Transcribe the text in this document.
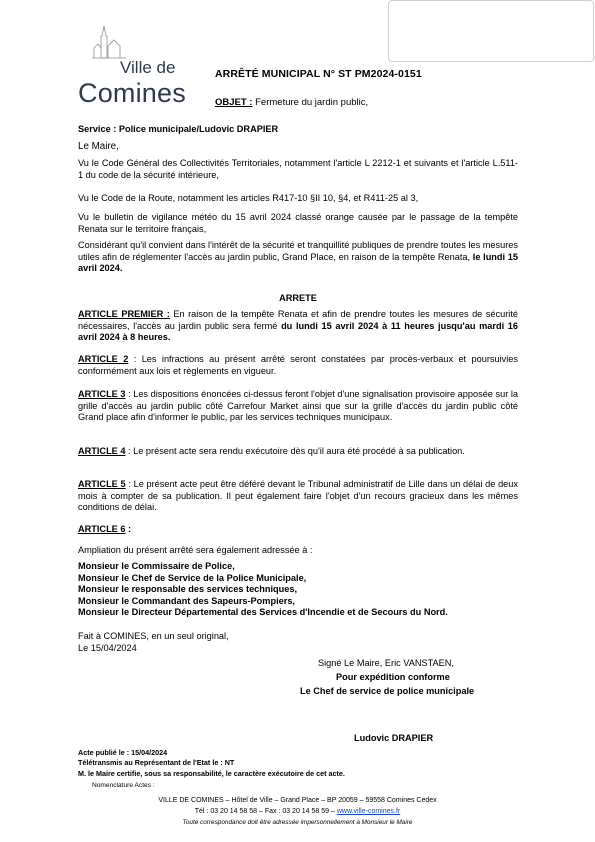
Ville de
Comines
ARRÊTÉ MUNICIPAL N° ST PM2024-0151
OBJET : Fermeture du jardin public,
Service : Police municipale/Ludovic DRAPIER
Le Maire,
Vu le Code Général des Collectivités Territoriales, notamment l'article L 2212-1 et suivants et l'article L.511-1 du code de la sécurité intérieure,
Vu le Code de la Route, notamment les articles R417-10 §II 10, §4, et R411-25 al 3,
Vu le bulletin de vigilance météo du 15 avril 2024 classé orange causée par le passage de la tempête Renata sur le territoire français,
Considérant qu'il convient dans l'intérêt de la sécurité et tranquillité publiques de prendre toutes les mesures utiles afin de réglementer l'accès au jardin public, Grand Place, en raison de la tempête Renata, le lundi 15 avril 2024.
ARRETE
ARTICLE PREMIER : En raison de la tempête Renata et afin de prendre toutes les mesures de sécurité nécessaires, l'accès au jardin public sera fermé du lundi 15 avril 2024 à 11 heures jusqu'au mardi 16 avril 2024 à 8 heures.
ARTICLE 2 : Les infractions au présent arrêté seront constatées par procès-verbaux et poursuivies conformément aux lois et règlements en vigueur.
ARTICLE 3 : Les dispositions énoncées ci-dessus feront l'objet d'une signalisation provisoire apposée sur la grille d'accès au jardin public côté Carrefour Market ainsi que sur la grille d'accès du jardin public côté Grand place afin d'informer le public, par les services techniques municipaux.
ARTICLE 4 : Le présent acte sera rendu exécutoire dès qu'il aura été procédé à sa publication.
ARTICLE 5 : Le présent acte peut être déféré devant le Tribunal administratif de Lille dans un délai de deux mois à compter de sa publication. Il peut également faire l'objet d'un recours gracieux dans les mêmes conditions de délai.
ARTICLE 6 :
Ampliation du présent arrêté sera également adressée à :
Monsieur le Commissaire de Police,
Monsieur le Chef de Service de la Police Municipale,
Monsieur le responsable des services techniques,
Monsieur le Commandant des Sapeurs-Pompiers,
Monsieur le Directeur Départemental des Services d'Incendie et de Secours du Nord.
Fait à COMINES, en un seul original,
Le 15/04/2024
Signé Le Maire, Eric VANSTAEN,
Pour expédition conforme
Le Chef de service de police municipale
Ludovic DRAPIER
Acte publié le : 15/04/2024
Télétransmis au Représentant de l'Etat le : NT
M. le Maire certifie, sous sa responsabilité, le caractère exécutoire de cet acte.
Nomenclature Actes :
VILLE DE COMINES – Hôtel de Ville – Grand Place – BP 20059 – 59558 Comines Cedex
Tél : 03 20 14 58 58 – Fax : 03 20 14 58 59 – www.ville-comines.fr
Toute correspondance doit être adressée impersonnellement à Monsieur le Maire
